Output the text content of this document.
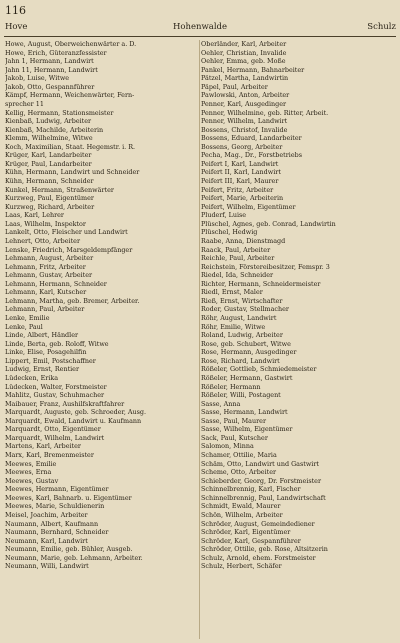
116
Hove	Hohenwalde	Schulz
Howe, August, Oberweichenwärter a. D.
Howe, Erich, Güteranzfessister
Jahn 1, Hermann, Landwirt
Jahn 11, Hermann, Landwirt
Jakob, Luise, Witwe
Jakob, Otto, Gespannführer
Kämpf, Hermann, Weichenwärter, Fern-
sprecher 11
Kellig, Hermann, Stationsmeister
Kienbaß, Ludwig, Arbeiter
Kienbaß, Machilde, Arbeiterin
Klemm, Wilhelmine, Witwe
Koch, Maximilian, Staat. Hegemstr. i. R.
Krüger, Karl, Landarbeiter
Krüger, Paul, Landarbeiter
Kühn, Hermann, Landwirt und Schneider
Kühn, Hermann, Schneider
Kunkel, Hermann, Straßenwärter
Kurzweg, Paul, Eigentümer
Kurzweg, Richard, Arbeiter
Laas, Karl, Lehrer
Laas, Wilhelm, Inspektor
Lankelt, Otto, Fleischer und Landwirt
Lehnert, Otto, Arbeiter
Lenske, Friedrich, Marsgeldempfänger
Lehmann, August, Arbeiter
Lehmann, Fritz, Arbeiter
Lehmann, Gustav, Arbeiter
Lehmann, Hermann, Schneider
Lehmann, Karl, Kutscher
Lehmann, Martha, geb. Bremer, Arbeiter.
Lehmann, Paul, Arbeiter
Lenke, Emilie
Lenke, Paul
Linde, Albert, Händler
Linde, Berta, geb. Roloff, Witwe
Linke, Elise, Posagehilfin
Lippert, Emil, Postschaffner
Ludwig, Ernst, Rentier
Lüdecken, Erika
Lüdecken, Walter, Forstmeister
Mahlitz, Gustav, Schuhmacher
Maibauer, Franz, Aushilfskraftfahrer
Marquardt, Auguste, geb. Schroeder, Ausg.
Marquardt, Ewald, Landwirt u. Kaufmann
Marquardt, Otto, Eigentümer
Marquardt, Wilhelm, Landwirt
Martens, Karl, Arbeiter
Marx, Karl, Bremenmeister
Meewes, Emilie
Meewes, Erna
Meewes, Gustav
Meewes, Hermann, Eigentümer
Meewes, Karl, Bahnarb. u. Eigentümer
Meewes, Marie, Schuldienerin
Meisel, Joachim, Arbeiter
Naumann, Albert, Kaufmann
Naumann, Bernhard, Schneider
Neumann, Karl, Landwirt
Neumann, Emilie, geb. Bühler, Ausgeb.
Neumann, Marie, geb. Lehmann, Arbeiter.
Neumann, Willi, Landwirt
Oberländer, Karl, Arbeiter
Oehler, Christian, Invalide
Oehler, Emma, geb. Moße
Pankel, Hermann, Bahnarbeiter
Pätzel, Martha, Landwirtin
Päpel, Paul, Arbeiter
Pawlowski, Anton, Arbeiter
Penner, Karl, Ausgedinger
Penner, Wilhelmine, geb. Ritter, Arbeit.
Penner, Wilhelm, Landwirt
Bossens, Christof, Invalide
Bossens, Eduard, Landarbeiter
Bossens, Georg, Arbeiter
Pecha, Mag., Dr., Forstbetriebs
Peifert I, Karl, Landwirt
Peifert II, Karl, Landwirt
Peifert III, Karl, Maurer
Peifert, Fritz, Arbeiter
Peifert, Marie, Arbeiterin
Peifert, Wilhelm, Eigentümer
Pluderf, Luise
Plüschel, Agnes, geb. Conrad, Landwirtin
Plüschel, Hedwig
Raabe, Anna, Dienstmagd
Raack, Paul, Arbeiter
Reichle, Paul, Arbeiter
Reichstein, Förstereibesitzer, Femspr. 3
Riedel, Ida, Schneider
Richter, Hermann, Schneidermeister
Riedl, Ernst, Maler
Rieß, Ernst, Wirtschafter
Roder, Gustav, Stellmacher
Röhr, August, Landwirt
Röhr, Emilie, Witwe
Roland, Ludwig, Arbeiter
Rose, geb. Schubert, Witwe
Rose, Hermann, Ausgedinger
Rose, Richard, Landwirt
Rößeler, Gottlieb, Schmiedemeister
Rößeler, Hermann, Gastwirt
Rößeler, Hermann
Rößeler, Willi, Postagent
Sasse, Anna
Sasse, Hermann, Landwirt
Sasse, Paul, Maurer
Sasse, Wilhelm, Eigentümer
Sack, Paul, Kutscher
Salomon, Minna
Schamer, Ottilie, Maria
Schäm, Otto, Landwirt und Gastwirt
Scheme, Otto, Arbeiter
Schieberder, Georg, Dr. Forstmeister
Schinnelbrennig, Karl, Fischer
Schinnelbrennig, Paul, Landwirtschaft
Schmidt, Ewald, Maurer
Schön, Wilhelm, Arbeiter
Schröder, August, Gemeindediener
Schröder, Karl, Eigentümer
Schröder, Karl, Gespannführer
Schröder, Ottilie, geb. Rose, Altsitzerin
Schulz, Arnold, ehem. Forstmeister
Schulz, Herbert, Schäfer
